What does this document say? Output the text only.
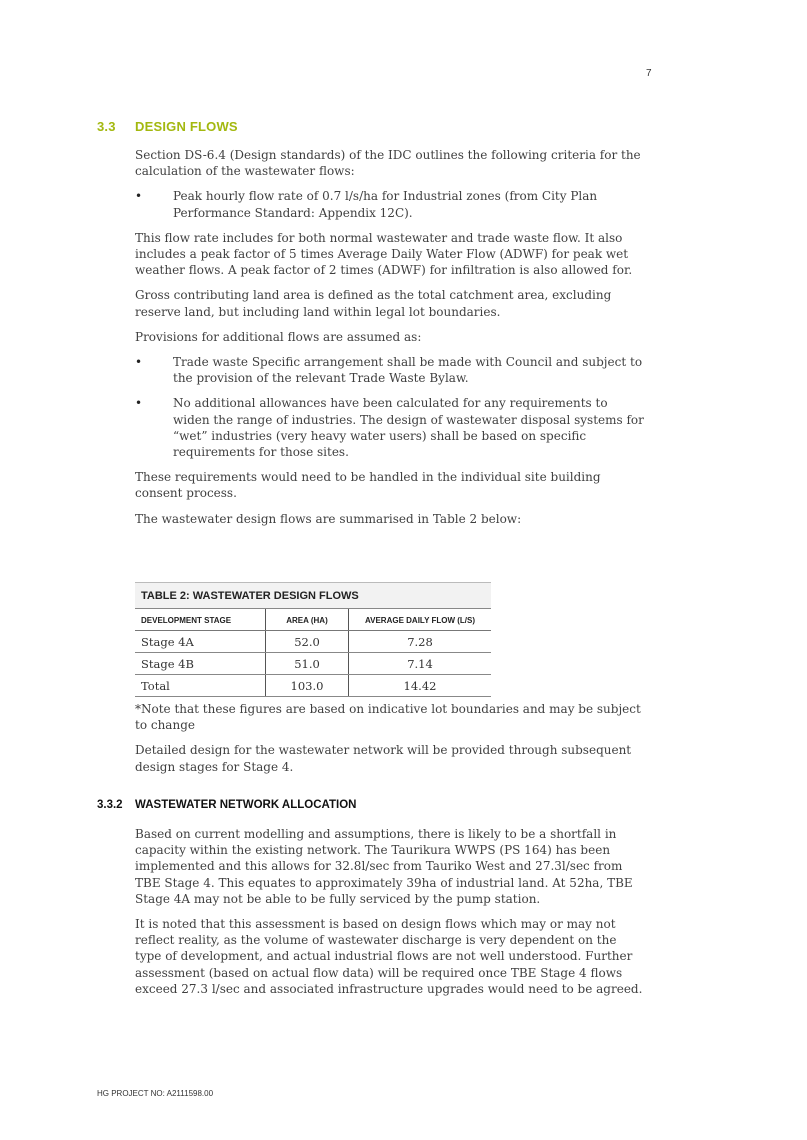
7
3.3 DESIGN FLOWS

Section DS-6.4 (Design standards) of the IDC outlines the following criteria for the calculation of the wastewater flows:

•	Peak hourly flow rate of 0.7 l/s/ha for Industrial zones (from City Plan Performance Standard: Appendix 12C).

This flow rate includes for both normal wastewater and trade waste flow. It also includes a peak factor of 5 times Average Daily Water Flow (ADWF) for peak wet weather flows. A peak factor of 2 times (ADWF) for infiltration is also allowed for.

Gross contributing land area is defined as the total catchment area, excluding reserve land, but including land within legal lot boundaries.

Provisions for additional flows are assumed as:

•	Trade waste Specific arrangement shall be made with Council and subject to the provision of the relevant Trade Waste Bylaw.
•	No additional allowances have been calculated for any requirements to widen the range of industries. The design of wastewater disposal systems for “wet” industries (very heavy water users) shall be based on specific requirements for those sites.

These requirements would need to be handled in the individual site building consent process.

The wastewater design flows are summarised in Table 2 below:

TABLE 2: WASTEWATER DESIGN FLOWS		
DEVELOPMENT STAGE	AREA (HA)	AVERAGE DAILY FLOW (L/S)
Stage 4A	52.0	7.28
Stage 4B	51.0	7.14
Total	103.0	14.42

*Note that these figures are based on indicative lot boundaries and may be subject to change

Detailed design for the wastewater network will be provided through subsequent design stages for Stage 4.

3.3.2 WASTEWATER NETWORK ALLOCATION

Based on current modelling and assumptions, there is likely to be a shortfall in capacity within the existing network. The Taurikura WWPS (PS 164) has been implemented and this allows for 32.8l/sec from Tauriko West and 27.3l/sec from TBE Stage 4. This equates to approximately 39ha of industrial land. At 52ha, TBE Stage 4A may not be able to be fully serviced by the pump station.

It is noted that this assessment is based on design flows which may or may not reflect reality, as the volume of wastewater discharge is very dependent on the type of development, and actual industrial flows are not well understood. Further assessment (based on actual flow data) will be required once TBE Stage 4 flows exceed 27.3 l/sec and associated infrastructure upgrades would need to be agreed.

HG PROJECT NO: A2111598.00
